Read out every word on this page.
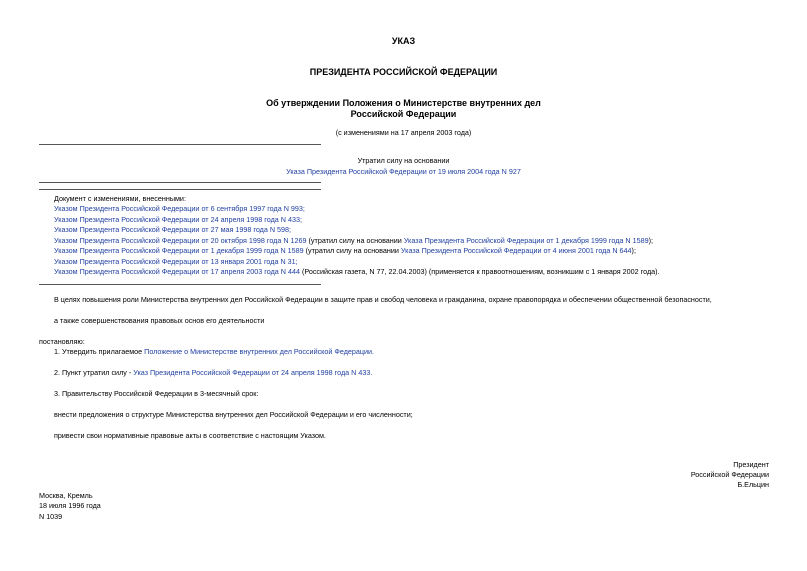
УКАЗ
ПРЕЗИДЕНТА РОССИЙСКОЙ ФЕДЕРАЦИИ
Об утверждении Положения о Министерстве внутренних дел
Российской Федерации
(с изменениями на 17 апреля 2003 года)
Утратил силу на основании
Указа Президента Российской Федерации от 19 июля 2004 года N 927
Документ с изменениями, внесенными:
Указом Президента Российской Федерации от 6 сентября 1997 года N 993;
Указом Президента Российской Федерации от 24 апреля 1998 года N 433;
Указом Президента Российской Федерации от 27 мая 1998 года N 598;
Указом Президента Российской Федерации от 20 октября 1998 года N 1269 (утратил силу на основании Указа Президента Российской Федерации от 1 декабря 1999 года N 1589);
Указом Президента Российской Федерации от 1 декабря 1999 года N 1589 (утратил силу на основании Указа Президента Российской Федерации от 4 июня 2001 года N 644);
Указом Президента Российской Федерации от 13 января 2001 года N 31;
Указом Президента Российской Федерации от 17 апреля 2003 года N 444 (Российская газета, N 77, 22.04.2003) (применяется к правоотношениям, возникшим с 1 января 2002 года).
В целях повышения роли Министерства внутренних дел Российской Федерации в защите прав и свобод человека и гражданина, охране правопорядка и обеспечении общественной безопасности,
а также совершенствования правовых основ его деятельности
постановляю:
1. Утвердить прилагаемое Положение о Министерстве внутренних дел Российской Федерации.
2. Пункт утратил силу - Указ Президента Российской Федерации от 24 апреля 1998 года N 433.
3. Правительству Российской Федерации в 3-месячный срок:
внести предложения о структуре Министерства внутренних дел Российской Федерации и его численности;
привести свои нормативные правовые акты в соответствие с настоящим Указом.
Президент
Российской Федерации
Б.Ельцин
Москва, Кремль
18 июля 1996 года
N 1039
